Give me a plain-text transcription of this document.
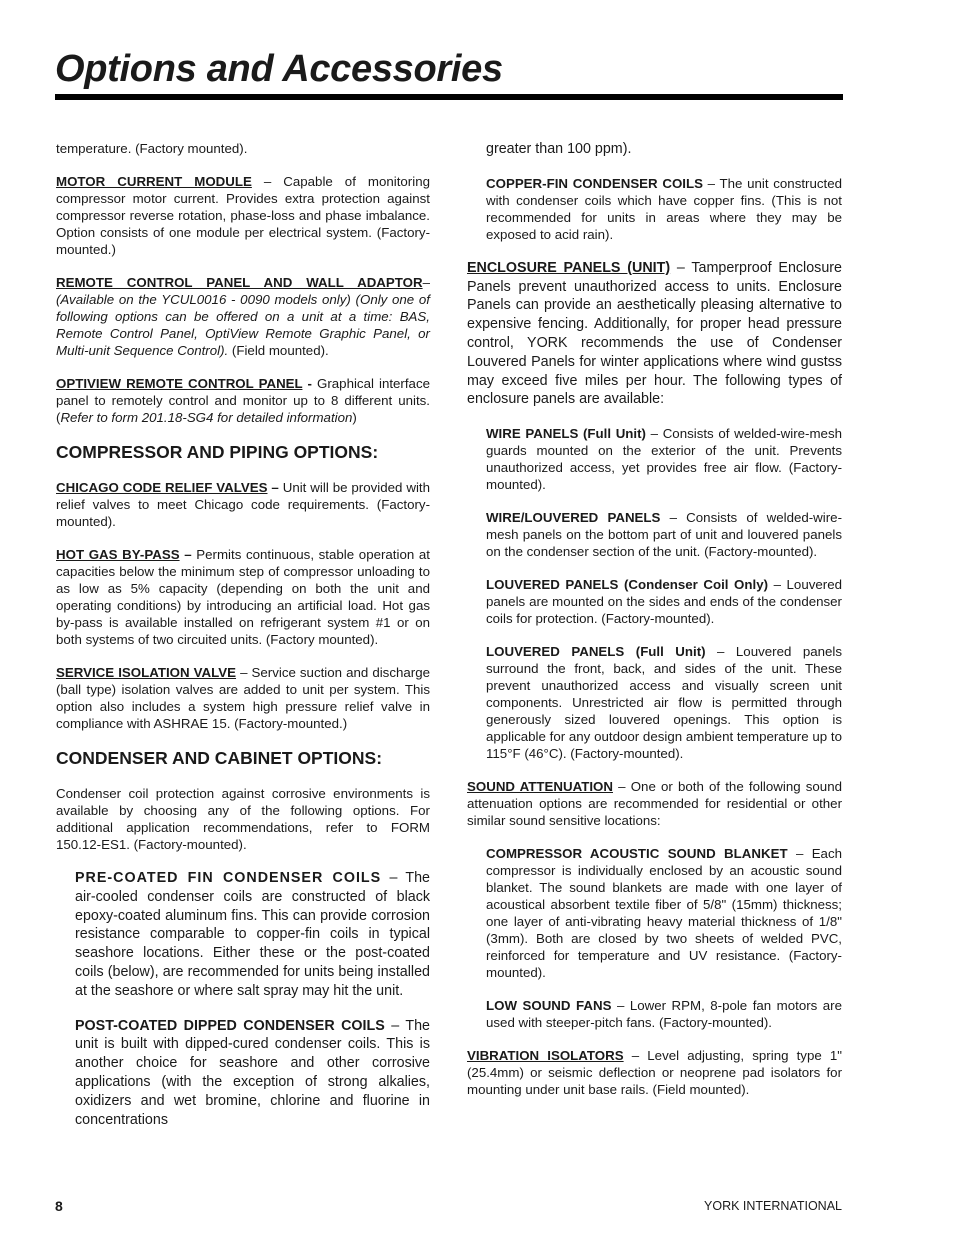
Options and Accessories

temperature. (Factory mounted).

MOTOR CURRENT MODULE – Capable of monitoring compressor motor current. Provides extra protection against compressor reverse rotation, phase-loss and phase imbalance. Option consists of one module per electrical system. (Factory-mounted.)

REMOTE CONTROL PANEL AND WALL ADAPTOR–(Available on the YCUL0016 - 0090 models only) (Only one of following options can be offered on a unit at a time: BAS, Remote Control Panel, OptiView Remote Graphic Panel, or Multi-unit Sequence Control). (Field mounted).

OPTIVIEW REMOTE CONTROL PANEL - Graphical interface panel to remotely control and monitor up to 8 different units. (Refer to form 201.18-SG4 for detailed information)

COMPRESSOR AND PIPING OPTIONS:

CHICAGO CODE RELIEF VALVES – Unit will be provided with relief valves to meet Chicago code requirements. (Factory-mounted).

HOT GAS BY-PASS – Permits continuous, stable operation at capacities below the minimum step of compressor unloading to as low as 5% capacity (depending on both the unit and operating conditions) by introducing an artificial load. Hot gas by-pass is available installed on refrigerant system #1 or on both systems of two circuited units. (Factory mounted).

SERVICE ISOLATION VALVE – Service suction and discharge (ball type) isolation valves are added to unit per system. This option also includes a system high pressure relief valve in compliance with ASHRAE 15. (Factory-mounted.)

CONDENSER AND CABINET OPTIONS:

Condenser coil protection against corrosive environments is available by choosing any of the following options. For additional application recommendations, refer to FORM 150.12-ES1. (Factory-mounted).

PRE-COATED FIN CONDENSER COILS – The air-cooled condenser coils are constructed of black epoxy-coated aluminum fins. This can provide corrosion resistance comparable to copper-fin coils in typical seashore locations. Either these or the post-coated coils (below), are recommended for units being installed at the seashore or where salt spray may hit the unit.

POST-COATED DIPPED CONDENSER COILS – The unit is built with dipped-cured condenser coils. This is another choice for seashore and other corrosive applications (with the exception of strong alkalies, oxidizers and wet bromine, chlorine and fluorine in concentrations

greater than 100 ppm).

COPPER-FIN CONDENSER COILS – The unit constructed with condenser coils which have copper fins. (This is not recommended for units in areas where they may be exposed to acid rain).

ENCLOSURE PANELS (UNIT) – Tamperproof Enclosure Panels prevent unauthorized access to units. Enclosure Panels can provide an aesthetically pleasing alternative to expensive fencing. Additionally, for proper head pressure control, YORK recommends the use of Condenser Louvered Panels for winter applications where wind gustss may exceed five miles per hour. The following types of enclosure panels are available:

WIRE PANELS (Full Unit) – Consists of welded-wire-mesh guards mounted on the exterior of the unit. Prevents unauthorized access, yet provides free air flow. (Factory-mounted).

WIRE/LOUVERED PANELS – Consists of welded-wire-mesh panels on the bottom part of unit and louvered panels on the condenser section of the unit. (Factory-mounted).

LOUVERED PANELS (Condenser Coil Only) – Louvered panels are mounted on the sides and ends of the condenser coils for protection. (Factory-mounted).

LOUVERED PANELS (Full Unit) – Louvered panels surround the front, back, and sides of the unit. These prevent unauthorized access and visually screen unit components. Unrestricted air flow is permitted through generously sized louvered openings. This option is applicable for any outdoor design ambient temperature up to 115°F (46°C). (Factory-mounted).

SOUND ATTENUATION – One or both of the following sound attenuation options are recommended for residential or other similar sound sensitive locations:

COMPRESSOR ACOUSTIC SOUND BLANKET – Each compressor is individually enclosed by an acoustic sound blanket. The sound blankets are made with one layer of acoustical absorbent textile fiber of 5/8" (15mm) thickness; one layer of anti-vibrating heavy material thickness of 1/8" (3mm). Both are closed by two sheets of welded PVC, reinforced for temperature and UV resistance. (Factory-mounted).

LOW SOUND FANS – Lower RPM, 8-pole fan motors are used with steeper-pitch fans. (Factory-mounted).

VIBRATION ISOLATORS – Level adjusting, spring type 1" (25.4mm) or seismic deflection or neoprene pad isolators for mounting under unit base rails. (Field mounted).

8	YORK INTERNATIONAL
